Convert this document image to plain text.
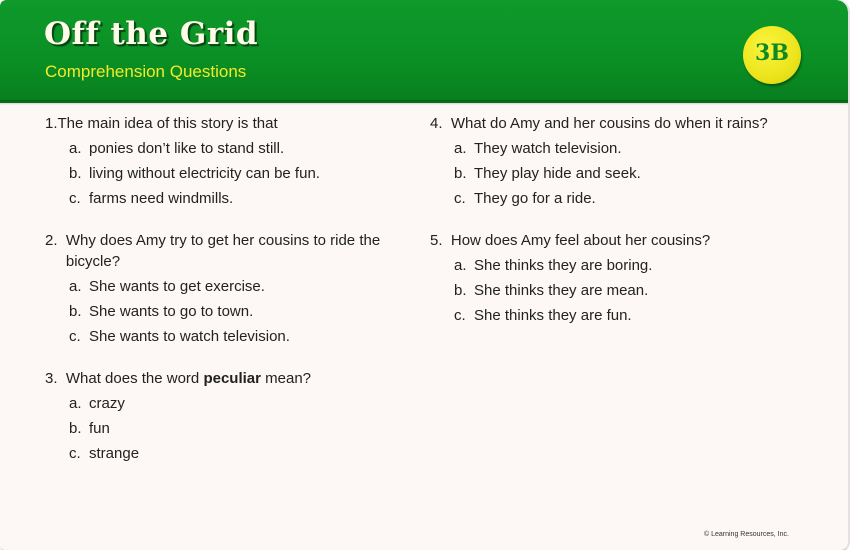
Off the Grid
Comprehension Questions
3B
1. The main idea of this story is that
a. ponies don’t like to stand still.
b. living without electricity can be fun.
c. farms need windmills.
2. Why does Amy try to get her cousins to ride the bicycle?
a. She wants to get exercise.
b. She wants to go to town.
c. She wants to watch television.
3. What does the word peculiar mean?
a. crazy
b. fun
c. strange
4. What do Amy and her cousins do when it rains?
a. They watch television.
b. They play hide and seek.
c. They go for a ride.
5. How does Amy feel about her cousins?
a. She thinks they are boring.
b. She thinks they are mean.
c. She thinks they are fun.
© Learning Resources, Inc.
